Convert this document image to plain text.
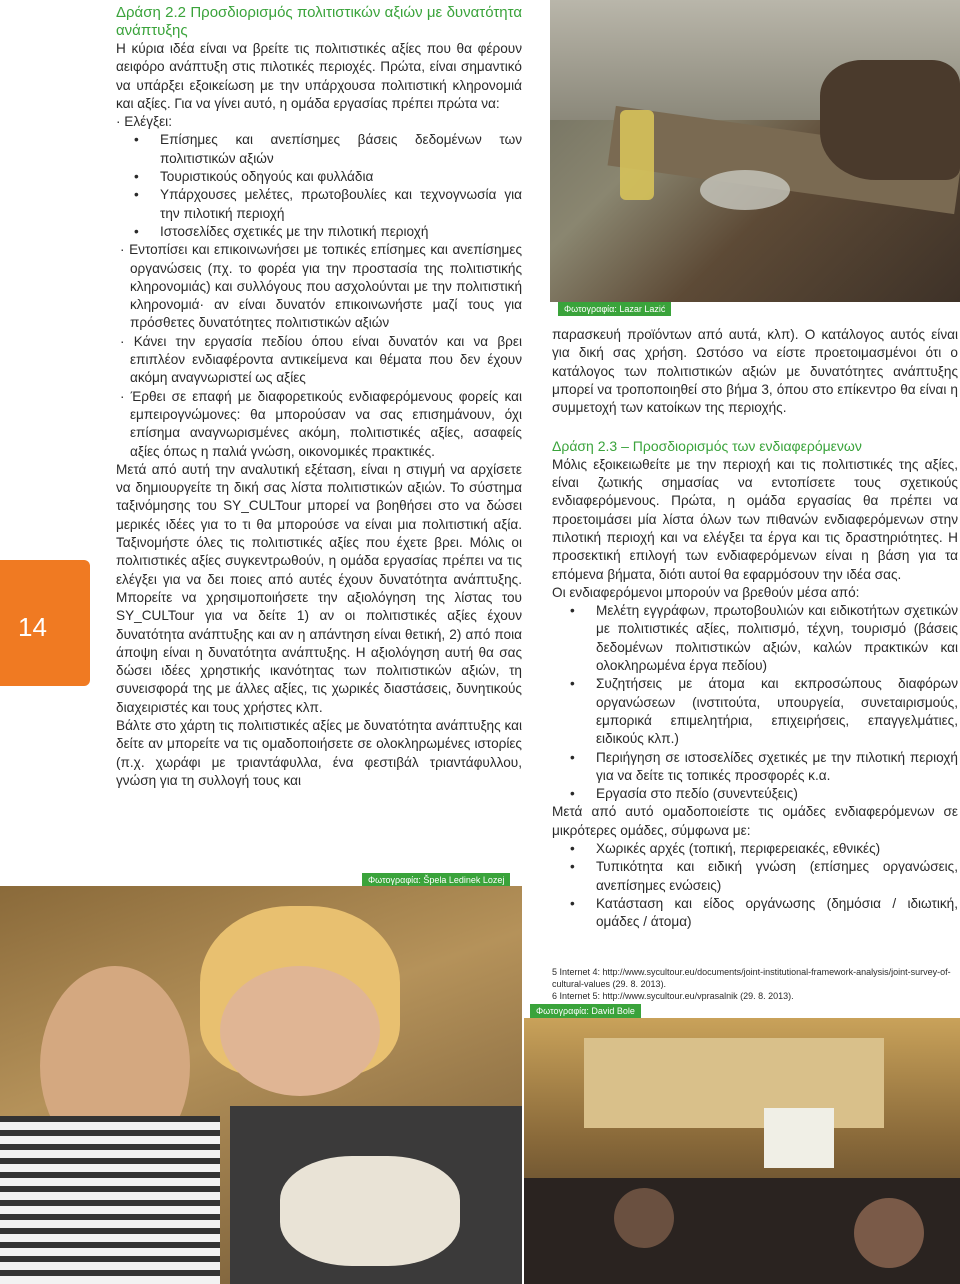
14

Δράση 2.2 Προσδιορισμός πολιτιστικών αξιών με δυνατότητα ανάπτυξης

Η κύρια ιδέα είναι να βρείτε τις πολιτιστικές αξίες που θα φέρουν αειφόρο ανάπτυξη στις πιλοτικές περιοχές. Πρώτα, είναι σημαντικό να υπάρξει εξοικείωση με την υπάρχουσα πολιτιστική κληρονομιά και αξίες. Για να γίνει αυτό, η ομάδα εργασίας πρέπει πρώτα να:

· Ελέγξει:

• Επίσημες και ανεπίσημες βάσεις δεδομένων των πολιτιστικών αξιών
• Τουριστικούς οδηγούς και φυλλάδια
• Υπάρχουσες μελέτες, πρωτοβουλίες και τεχνογνωσία για την πιλοτική περιοχή
• Ιστοσελίδες σχετικές με την πιλοτική περιοχή

· Εντοπίσει και επικοινωνήσει με τοπικές επίσημες και ανεπίσημες οργανώσεις (πχ. το φορέα για την προστασία της πολιτιστικής κληρονομιάς) και συλλόγους που ασχολούνται με την πολιτιστική κληρονομιά· αν είναι δυνατόν επικοινωνήστε μαζί τους για πρόσθετες δυνατότητες πολιτιστικών αξιών

· Κάνει την εργασία πεδίου όπου είναι δυνατόν και να βρει επιπλέον ενδιαφέροντα αντικείμενα και θέματα που δεν έχουν ακόμη αναγνωριστεί ως αξίες

· Έρθει σε επαφή με διαφορετικούς ενδιαφερόμενους φορείς και εμπειρογνώμονες: θα μπορούσαν να σας επισημάνουν, όχι επίσημα αναγνωρισμένες ακόμη, πολιτιστικές αξίες, ασαφείς αξίες όπως η παλιά γνώση, οικονομικές πρακτικές.

Μετά από αυτή την αναλυτική εξέταση, είναι η στιγμή να αρχίσετε να δημιουργείτε τη δική σας λίστα πολιτιστικών αξιών. Το σύστημα ταξινόμησης του SY_CULTour μπορεί να βοηθήσει στο να δώσει μερικές ιδέες για το τι θα μπορούσε να είναι μια πολιτιστική αξία. Ταξινομήστε όλες τις πολιτιστικές αξίες που έχετε βρει. Μόλις οι πολιτιστικές αξίες συγκεντρωθούν, η ομάδα εργασίας πρέπει να τις ελέγξει για να δει ποιες από αυτές έχουν δυνατότητα ανάπτυξης. Μπορείτε να χρησιμοποιήσετε την αξιολόγηση της λίστας του SY_CULTour για να δείτε 1) αν οι πολιτιστικές αξίες έχουν δυνατότητα ανάπτυξης και αν η απάντηση είναι θετική, 2) από ποια άποψη είναι η δυνατότητα ανάπτυξης. Η αξιολόγηση αυτή θα σας δώσει ιδέες χρηστικής ικανότητας των πολιτιστικών αξιών, τη συνεισφορά της με άλλες αξίες, τις χωρικές διαστάσεις, δυνητικούς διαχειριστές και τους χρήστες κλπ.

Βάλτε στο χάρτη τις πολιτιστικές αξίες με δυνατότητα ανάπτυξης και δείτε αν μπορείτε να τις ομαδοποιήσετε σε ολοκληρωμένες ιστορίες (π.χ. χωράφι με τριαντάφυλλα, ένα φεστιβάλ τριαντάφυλλου, γνώση για τη συλλογή τους και

Φωτογραφία: Lazar Lazić

παρασκευή προϊόντων από αυτά, κλπ). Ο κατάλογος αυτός είναι για δική σας χρήση. Ωστόσο να είστε προετοιμασμένοι ότι ο κατάλογος των πολιτιστικών αξιών με δυνατότητες ανάπτυξης μπορεί να τροποποιηθεί στο βήμα 3, όπου στο επίκεντρο θα είναι η συμμετοχή των κατοίκων της περιοχής.

Δράση 2.3 – Προσδιορισμός των ενδιαφερόμενων

Μόλις εξοικειωθείτε με την περιοχή και τις πολιτιστικές της αξίες, είναι ζωτικής σημασίας να εντοπίσετε τους σχετικούς ενδιαφερόμενους. Πρώτα, η ομάδα εργασίας θα πρέπει να προετοιμάσει μία λίστα όλων των πιθανών ενδιαφερόμενων στην πιλοτική περιοχή και να ελέγξει τα έργα και τις δραστηριότητες. Η προσεκτική επιλογή των ενδιαφερόμενων είναι η βάση για τα επόμενα βήματα, διότι αυτοί θα εφαρμόσουν την ιδέα σας.

Οι ενδιαφερόμενοι μπορούν να βρεθούν μέσα από:

• Μελέτη εγγράφων, πρωτοβουλιών και ειδικοτήτων σχετικών με πολιτιστικές αξίες, πολιτισμό, τέχνη, τουρισμό (βάσεις δεδομένων πολιτιστικών αξιών, καλών πρακτικών και ολοκληρωμένα έργα πεδίου)
• Συζητήσεις με άτομα και εκπροσώπους διαφόρων οργανώσεων (ινστιτούτα, υπουργεία, συνεταιρισμούς, εμπορικά επιμελητήρια, επιχειρήσεις, επαγγελμάτιες, ειδικούς κλπ.)
• Περιήγηση σε ιστοσελίδες σχετικές με την πιλοτική περιοχή για να δείτε τις τοπικές προσφορές κ.α.
• Εργασία στο πεδίο (συνεντεύξεις)

Μετά από αυτό ομαδοποιείστε τις ομάδες ενδιαφερόμενων σε μικρότερες ομάδες, σύμφωνα με:

• Χωρικές αρχές (τοπική, περιφερειακές, εθνικές)
• Τυπικότητα και ειδική γνώση (επίσημες οργανώσεις, ανεπίσημες ενώσεις)
• Κατάσταση και είδος οργάνωσης (δημόσια / ιδιωτική, ομάδες / άτομα)
5 Internet 4: http://www.sycultour.eu/documents/joint-institutional-framework-analysis/joint-survey-of-cultural-values (29. 8. 2013).
6 Internet 5: http://www.sycultour.eu/vprasalnik (29. 8. 2013).
Φωτογραφία: David Bole
Φωτογραφία: Špela Ledinek Lozej
